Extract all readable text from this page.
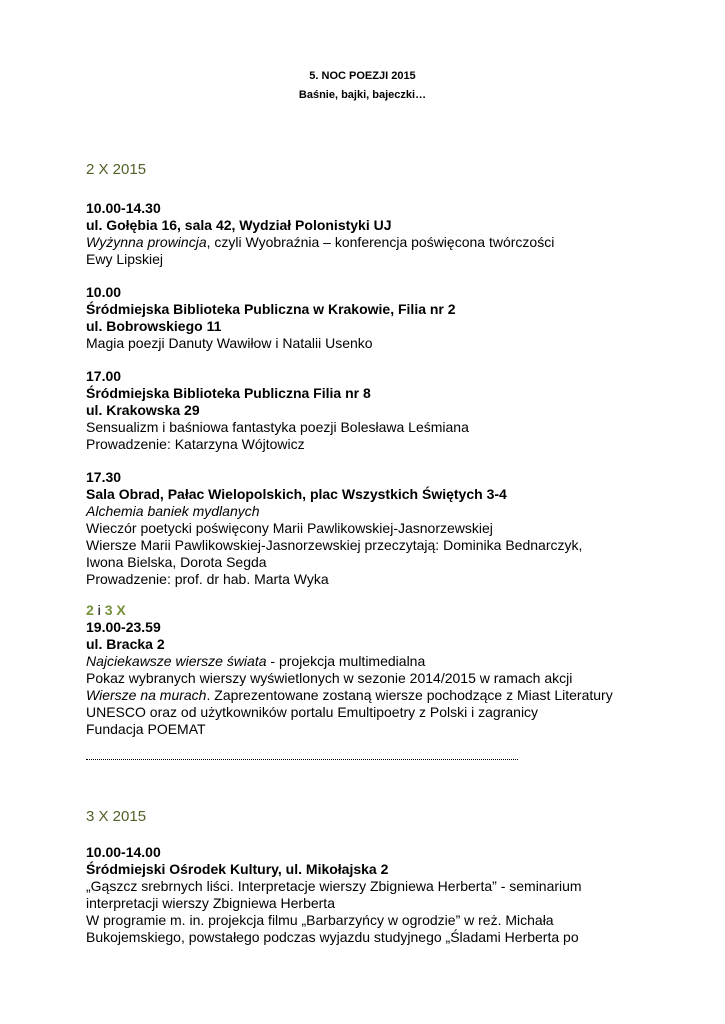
5. NOC POEZJI 2015
Baśnie, bajki, bajeczki…
2 X 2015

10.00-14.30

ul. Gołębia 16, sala 42, Wydział Polonistyki UJ

Wyżynna prowincja, czyli Wyobraźnia – konferencja poświęcona twórczości

Ewy Lipskiej

10.00

Śródmiejska Biblioteka Publiczna w Krakowie, Filia nr 2

ul. Bobrowskiego 11

Magia poezji Danuty Wawiłow i Natalii Usenko

17.00

Śródmiejska Biblioteka Publiczna Filia nr 8

ul. Krakowska 29

Sensualizm i baśniowa fantastyka poezji Bolesława Leśmiana

Prowadzenie: Katarzyna Wójtowicz

17.30

Sala Obrad, Pałac Wielopolskich, plac Wszystkich Świętych 3-4

Alchemia baniek mydlanych

Wieczór poetycki poświęcony Marii Pawlikowskiej-Jasnorzewskiej

Wiersze Marii Pawlikowskiej-Jasnorzewskiej przeczytają: Dominika Bednarczyk,

Iwona Bielska, Dorota Segda

Prowadzenie: prof. dr hab. Marta Wyka

2 i 3 X

19.00-23.59

ul. Bracka 2

Najciekawsze wiersze świata - projekcja multimedialna

Pokaz wybranych wierszy wyświetlonych w sezonie 2014/2015 w ramach akcji

Wiersze na murach. Zaprezentowane zostaną wiersze pochodzące z Miast Literatury

UNESCO oraz od użytkowników portalu Emultipoetry z Polski i zagranicy

Fundacja POEMAT

3 X 2015

10.00-14.00

Śródmiejski Ośrodek Kultury, ul. Mikołajska 2

„Gąszcz srebrnych liści. Interpretacje wierszy Zbigniewa Herberta” - seminarium

interpretacji wierszy Zbigniewa Herberta

W programie m. in. projekcja filmu „Barbarzyńcy w ogrodzie” w reż. Michała

Bukojemskiego, powstałego podczas wyjazdu studyjnego „Śladami Herberta po
